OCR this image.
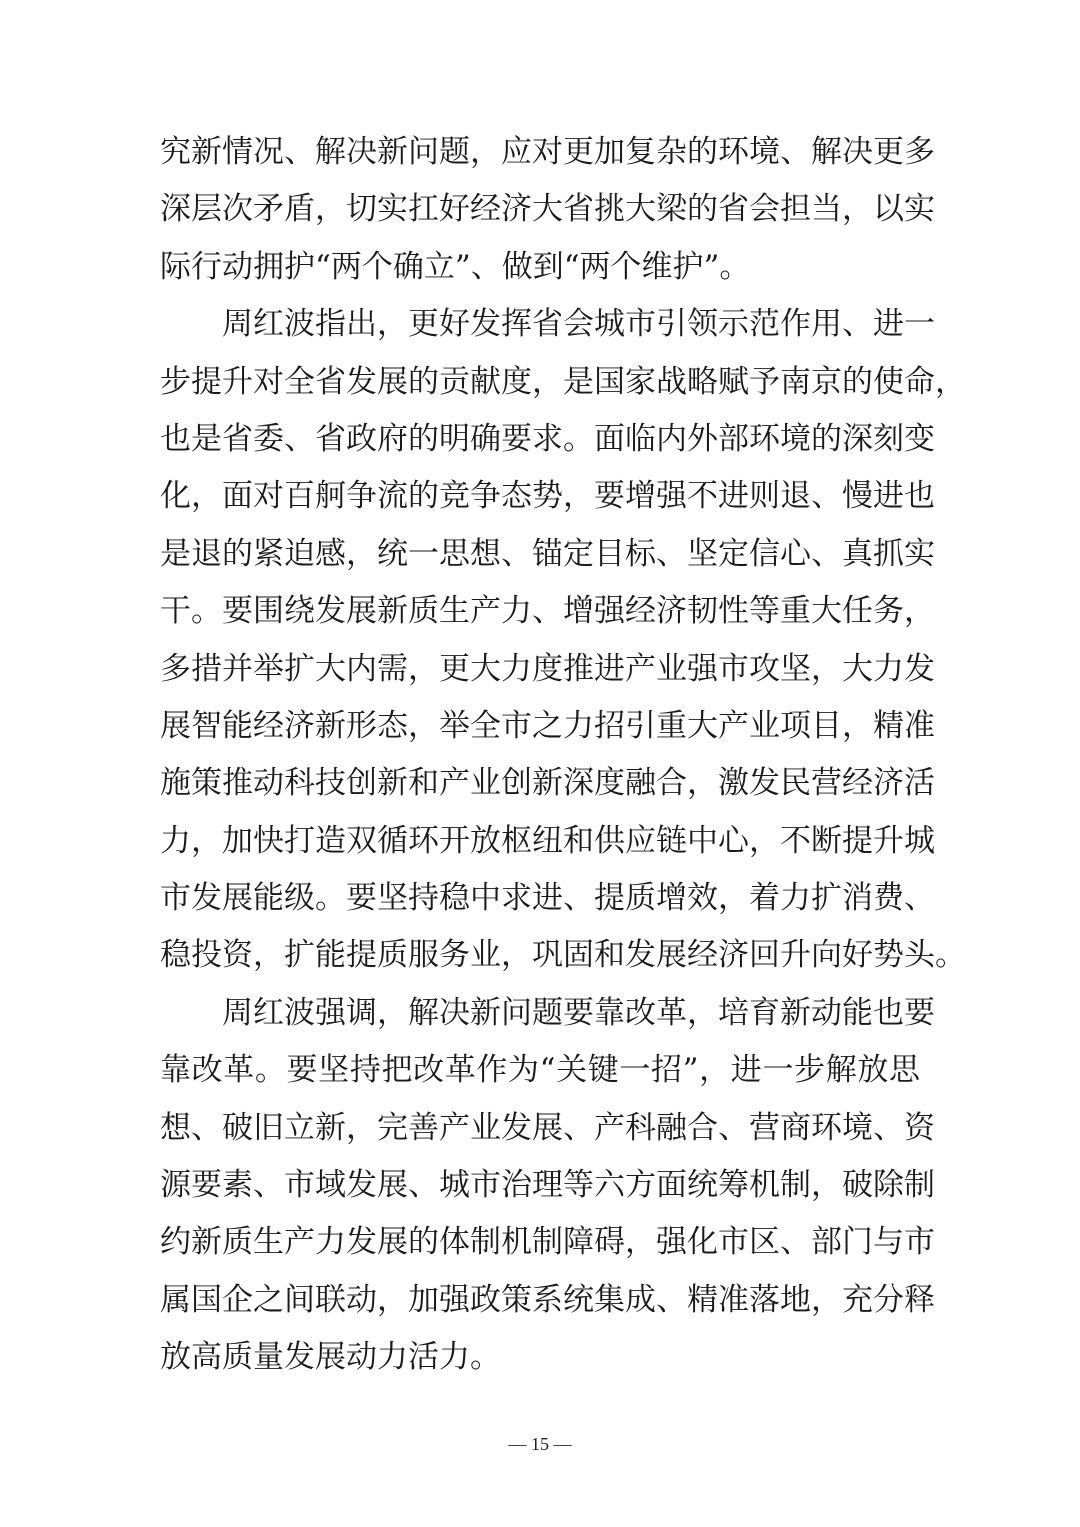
究新情况、解决新问题，应对更加复杂的环境、解决更多
深层次矛盾，切实扛好经济大省挑大梁的省会担当，以实
际行动拥护“两个确立”、做到“两个维护”。
　　周红波指出，更好发挥省会城市引领示范作用、进一
步提升对全省发展的贡献度，是国家战略赋予南京的使命，
也是省委、省政府的明确要求。面临内外部环境的深刻变
化，面对百舸争流的竞争态势，要增强不进则退、慢进也
是退的紧迫感，统一思想、锚定目标、坚定信心、真抓实
干。要围绕发展新质生产力、增强经济韧性等重大任务，
多措并举扩大内需，更大力度推进产业强市攻坚，大力发
展智能经济新形态，举全市之力招引重大产业项目，精准
施策推动科技创新和产业创新深度融合，激发民营经济活
力，加快打造双循环开放枢纽和供应链中心，不断提升城
市发展能级。要坚持稳中求进、提质增效，着力扩消费、
稳投资，扩能提质服务业，巩固和发展经济回升向好势头。
　　周红波强调，解决新问题要靠改革，培育新动能也要
靠改革。要坚持把改革作为“关键一招”，进一步解放思
想、破旧立新，完善产业发展、产科融合、营商环境、资
源要素、市域发展、城市治理等六方面统筹机制，破除制
约新质生产力发展的体制机制障碍，强化市区、部门与市
属国企之间联动，加强政策系统集成、精准落地，充分释
放高质量发展动力活力。
— 15 —
